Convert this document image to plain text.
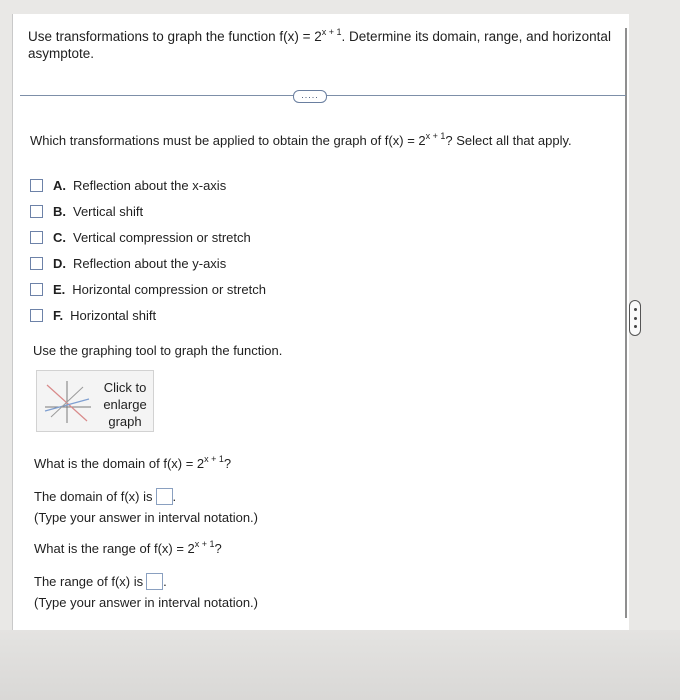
Use transformations to graph the function $f(x) = 2^{x + 1}$. Determine its domain, range, and horizontal
asymptote.
.....
Which transformations must be applied to obtain the graph of $f(x) = 2^{x + 1}$? Select all that apply.
A. Reflection about the x-axis
B. Vertical shift
C. Vertical compression or stretch
D. Reflection about the y-axis
E. Horizontal compression or stretch
F. Horizontal shift
Use the graphing tool to graph the function.
Click to
enlarge
graph
What is the domain of $f(x) = 2^{x + 1}$?
The domain of f(x) is .
(Type your answer in interval notation.)
What is the range of $f(x) = 2^{x + 1}$?
The range of f(x) is .
(Type your answer in interval notation.)
